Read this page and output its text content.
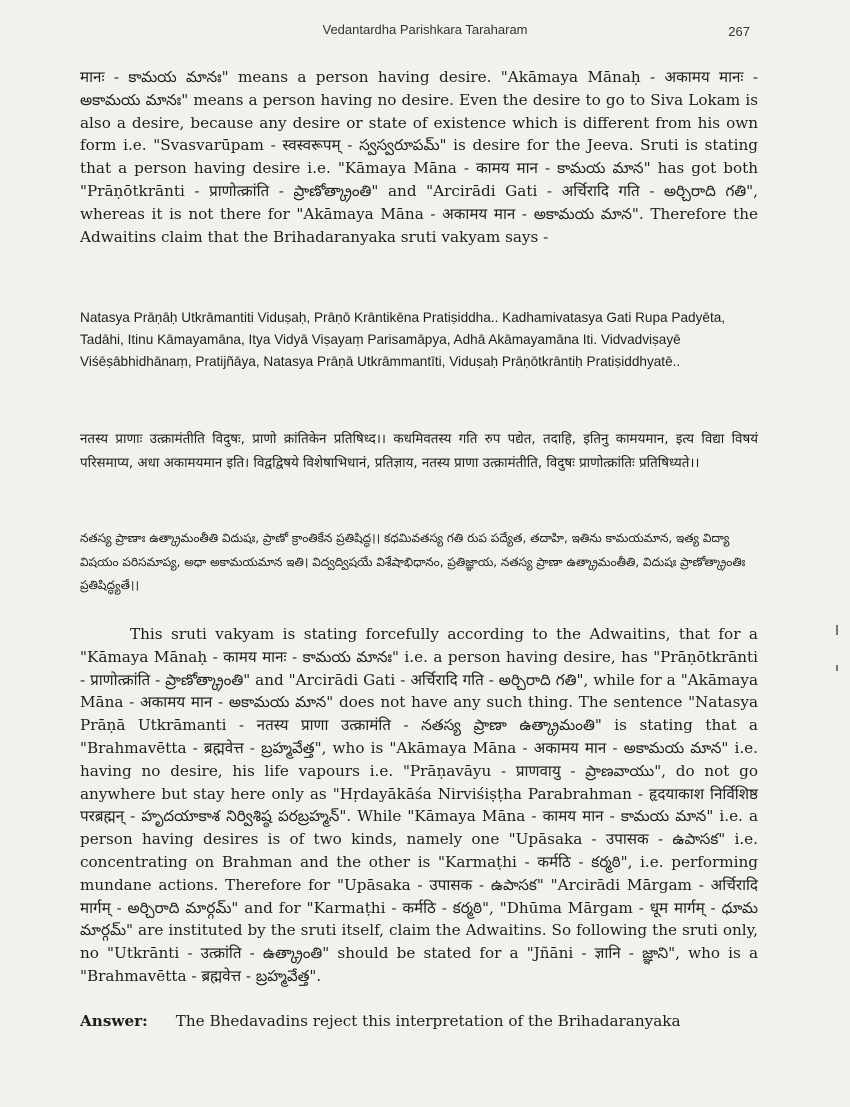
Vedantardha Parishkara Taraharam	267

मानः - కామయ మానః" means a person having desire. "Akāmaya Mānaḥ - अकामय मानः - అకామయ మానః" means a person having no desire. Even the desire to go to Siva Lokam is also a desire, because any desire or state of existence which is different from his own form i.e. "Svasvarūpam - स्वस्वरूपम् - స్వస్వరూపమ్" is desire for the Jeeva. Sruti is stating that a person having desire i.e. "Kāmaya Māna - कामय मान - కామయ మాన" has got both "Prāṇōtkrānti - प्राणोत्क्रांति - ప్రాణోత్క్రాంతి" and "Arcirādi Gati - अर्चिरादि गति - అర్చిరాది గతి", whereas it is not there for "Akāmaya Māna - अकामय मान - అకామయ మాన". Therefore the Adwaitins claim that the Brihadaranyaka sruti vakyam says -

Natasya Prāṇāḥ Utkrāmantiti Viduṣaḥ, Prāṇō Krāntikēna Pratiṣiddha.. Kadhamivatasya Gati Rupa Padyēta, Tadāhi, Itinu Kāmayamāna, Itya Vidyā Viṣayaṃ Parisamāpya, Adhā Akāmayamāna Iti. Vidvadviṣayē Viśēṣābhidhānaṃ, Pratijñāya, Natasya Prāṇā Utkrāmmantīti, Viduṣaḥ Prāṇōtkrāntiḥ Pratiṣiddhyatē..

नतस्य प्राणाः उत्क्रामंतीति विदुषः, प्राणो क्रांतिकेन प्रतिषिध्द।। कधमिवतस्य गति रुप पद्येत, तदाहि, इतिनु कामयमान, इत्य विद्या विषयं परिसमाप्य, अधा अकामयमान इति। विद्वद्विषये विशेषाभिधानं, प्रतिज्ञाय, नतस्य प्राणा उत्क्रामंतीति, विदुषः प्राणोत्क्रांतिः प्रतिषिध्यते।।

నతస్య ప్రాణాః ఉత్క్రామంతీతి విదుషః, ప్రాణో క్రాంతికేన ప్రతిషిద్ధ।। కధమివతస్య గతి రుప పద్యేత, తదాహి, ఇతిను కామయమాన, ఇత్య విద్యా విషయం పరిసమాప్య, అధా అకామయమాన ఇతి। విద్వద్విషయే విశేషాభిధానం, ప్రతిజ్ఞాయ, నతస్య ప్రాణా ఉత్క్రామంతీతి, విదుషః ప్రాణోత్క్రాంతిః ప్రతిషిద్ధ్యతే।।

This sruti vakyam is stating forcefully according to the Adwaitins, that for a "Kāmaya Mānaḥ - कामय मानः - కామయ మానః" i.e. a person having desire, has "Prāṇōtkrānti - प्राणोत्क्रांति - ప్రాణోత్క్రాంతి" and "Arcirādi Gati - अर्चिरादि गति - అర్చిరాది గతి", while for a "Akāmaya Māna - अकामय मान - అకామయ మాన" does not have any such thing. The sentence "Natasya Prāṇā Utkrāmanti - नतस्य प्राणा उत्क्रामंति - నతస్య ప్రాణా ఉత్క్రామంతి" is stating that a "Brahmavētta - ब्रह्मवेत्त - బ్రహ్మవేత్త", who is "Akāmaya Māna - अकामय मान - అకామయ మాన" i.e. having no desire, his life vapours i.e. "Prāṇavāyu - प्राणवायु - ప్రాణవాయు", do not go anywhere but stay here only as "Hṛdayākāśa Nirviśiṣṭha Parabrahman - हृदयाकाश निर्विशिष्ठ परब्रह्मन् - హృదయాకాశ నిర్విశిష్ఠ పరబ్రహ్మన్". While "Kāmaya Māna - कामय मान - కామయ మాన" i.e. a person having desires is of two kinds, namely one "Upāsaka - उपासक - ఉపాసక" i.e. concentrating on Brahman and the other is "Karmaṭhi - कर्मठि - కర్మఠి", i.e. performing mundane actions. Therefore for "Upāsaka - उपासक - ఉపాసక" "Arcirādi Mārgam - अर्चिरादि मार्गम् - అర్చిరాది మార్గమ్" and for "Karmaṭhi - कर्मठि - కర్మఠి", "Dhūma Mārgam - धूम मार्गम् - ధూమ మార్గమ్" are instituted by the sruti itself, claim the Adwaitins. So following the sruti only, no "Utkrānti - उत्क्रांति - ఉత్క్రాంతి" should be stated for a "Jñāni - ज्ञानि - జ్ఞాని", who is a "Brahmavētta - ब्रह्मवेत्त - బ్రహ్మవేత్త".

Answer: The Bhedavadins reject this interpretation of the Brihadaranyaka
